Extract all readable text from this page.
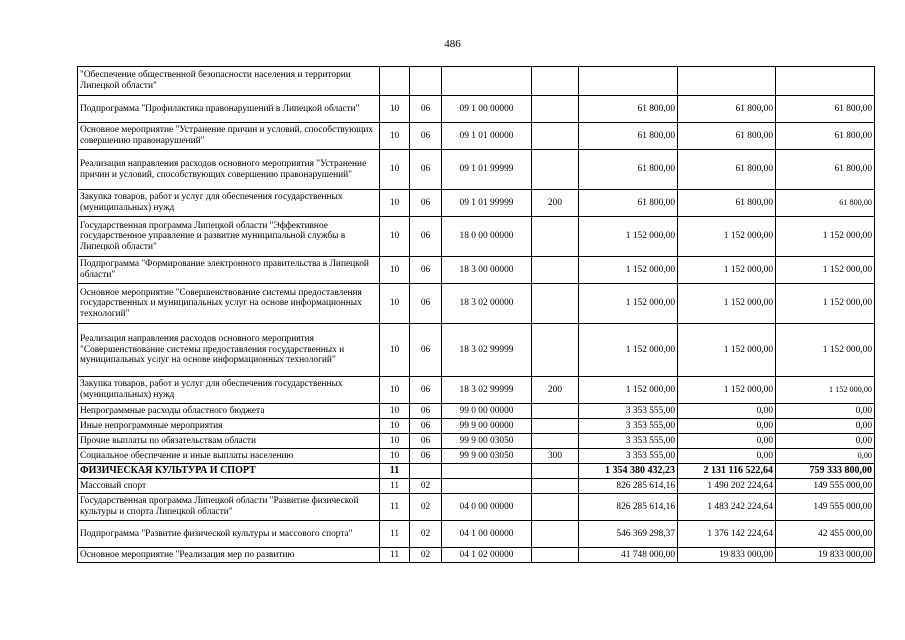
486
"Обеспечение общественной безопасности населения и территории Липецкой области"							
Подпрограмма "Профилактика правонарушений в Липецкой области"	10	06	09 1 00 00000		61 800,00	61 800,00	61 800,00
Основное мероприятие "Устранение причин и условий, способствующих совершению правонарушений"	10	06	09 1 01 00000		61 800,00	61 800,00	61 800,00
Реализация направления расходов основного мероприятия "Устранение причин и условий, способствующих совершению правонарушений"	10	06	09 1 01 99999		61 800,00	61 800,00	61 800,00
Закупка товаров, работ и услуг для обеспечения государственных (муниципальных) нужд	10	06	09 1 01 99999	200	61 800,00	61 800,00	61 800,00
Государственная программа Липецкой области "Эффективное государственное управление и развитие муниципальной службы в Липецкой области"	10	06	18 0 00 00000		1 152 000,00	1 152 000,00	1 152 000,00
Подпрограмма "Формирование электронного правительства в Липецкой области"	10	06	18 3 00 00000		1 152 000,00	1 152 000,00	1 152 000,00
Основное мероприятие "Совершенствование системы предоставления государственных и муниципальных услуг на основе информационных технологий"	10	06	18 3 02 00000		1 152 000,00	1 152 000,00	1 152 000,00
Реализация направления расходов основного мероприятия "Совершенствование системы предоставления государственных и муниципальных услуг на основе информационных технологий"	10	06	18 3 02 99999		1 152 000,00	1 152 000,00	1 152 000,00
Закупка товаров, работ и услуг для обеспечения государственных (муниципальных) нужд	10	06	18 3 02 99999	200	1 152 000,00	1 152 000,00	1 152 000,00
Непрограммные расходы областного бюджета	10	06	99 0 00 00000		3 353 555,00	0,00	0,00
Иные непрограммные мероприятия	10	06	99 9 00 00000		3 353 555,00	0,00	0,00
Прочие выплаты по обязательствам области	10	06	99 9 00 03050		3 353 555,00	0,00	0,00
Социальное обеспечение и иные выплаты населению	10	06	99 9 00 03050	300	3 353 555,00	0,00	0,00
ФИЗИЧЕСКАЯ КУЛЬТУРА И СПОРТ	11				1 354 380 432,23	2 131 116 522,64	759 333 800,00
Массовый спорт	11	02			826 285 614,16	1 490 202 224,64	149 555 000,00
Государственная программа Липецкой области "Развитие физической культуры и спорта Липецкой области"	11	02	04 0 00 00000		826 285 614,16	1 483 242 224,64	149 555 000,00
Подпрограмма "Развитие физической культуры и массового спорта"	11	02	04 1 00 00000		546 369 298,37	1 376 142 224,64	42 455 000,00
Основное мероприятие "Реализация мер по развитию	11	02	04 1 02 00000		41 748 000,00	19 833 000,00	19 833 000,00
